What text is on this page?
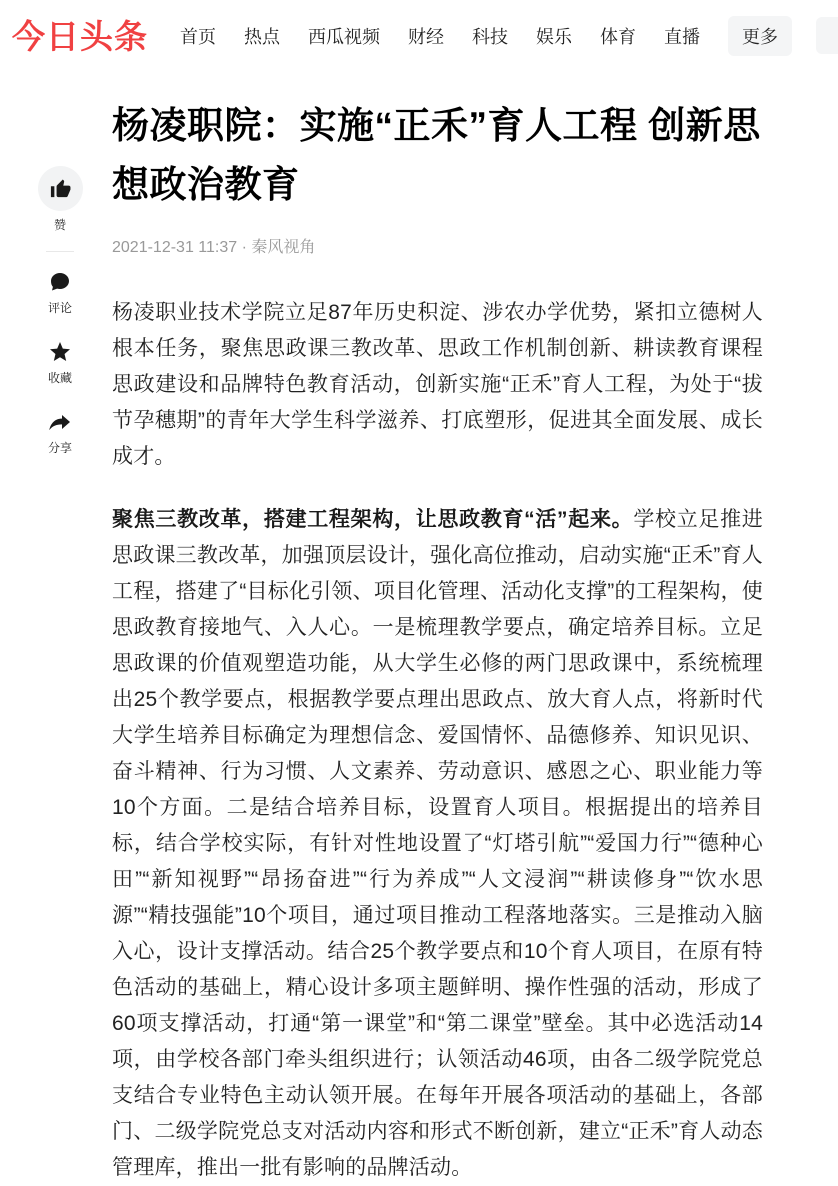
今日头条 首页 热点 西瓜视频 财经 科技 娱乐 体育 直播	更多
赞
评论
收藏
分享
杨凌职院：实施“正禾”育人工程 创新思想政治教育
2021-12-31 11:37 · 秦风视角

杨凌职业技术学院立足87年历史积淀、涉农办学优势，紧扣立德树人根本任务，聚焦思政课三教改革、思政工作机制创新、耕读教育课程思政建设和品牌特色教育活动，创新实施“正禾”育人工程，为处于“拔节孕穗期”的青年大学生科学滋养、打底塑形，促进其全面发展、成长成才。

聚焦三教改革，搭建工程架构，让思政教育“活”起来。学校立足推进思政课三教改革，加强顶层设计，强化高位推动，启动实施“正禾”育人工程，搭建了“目标化引领、项目化管理、活动化支撑”的工程架构，使思政教育接地气、入人心。一是梳理教学要点，确定培养目标。立足思政课的价值观塑造功能，从大学生必修的两门思政课中，系统梳理出25个教学要点，根据教学要点理出思政点、放大育人点，将新时代大学生培养目标确定为理想信念、爱国情怀、品德修养、知识见识、奋斗精神、行为习惯、人文素养、劳动意识、感恩之心、职业能力等10个方面。二是结合培养目标，设置育人项目。根据提出的培养目标，结合学校实际，有针对性地设置了“灯塔引航”“爱国力行”“德种心田”“新知视野”“昂扬奋进”“行为养成”“人文浸润”“耕读修身”“饮水思源”“精技强能”10个项目，通过项目推动工程落地落实。三是推动入脑入心，设计支撑活动。结合25个教学要点和10个育人项目，在原有特色活动的基础上，精心设计多项主题鲜明、操作性强的活动，形成了60项支撑活动，打通“第一课堂”和“第二课堂”壁垒。其中必选活动14项，由学校各部门牵头组织进行；认领活动46项，由各二级学院党总支结合专业特色主动认领开展。在每年开展各项活动的基础上，各部门、二级学院党总支对活动内容和形式不断创新，建立“正禾”育人动态管理库，推出一批有影响的品牌活动。
